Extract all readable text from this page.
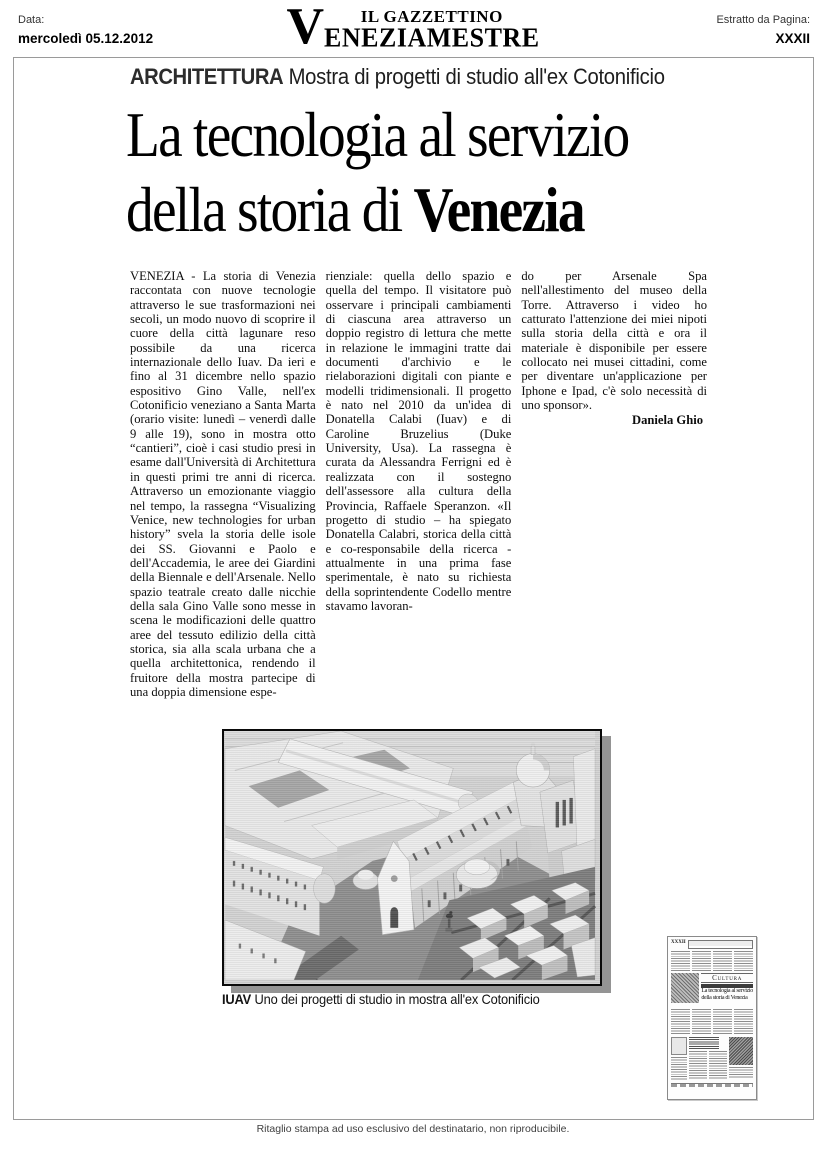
Data:
mercoledì 05.12.2012	V IL GAZZETTINO
ENEZIAMESTRE
Estratto da Pagina:
XXXII
ARCHITETTURA Mostra di progetti di studio all'ex Cotonificio
La tecnologia al servizio
della storia di Venezia
VENEZIA - La storia di Venezia raccontata con nuove tecnologie attraverso le sue trasformazioni nei secoli, un modo nuovo di scoprire il cuore della città lagunare reso possibile da una ricerca internazionale dello Iuav. Da ieri e fino al 31 dicembre nello spazio espositivo Gino Valle, nell'ex Cotonificio veneziano a Santa Marta (orario visite: lunedì – venerdì dalle 9 alle 19), sono in mostra otto “cantieri”, cioè i casi studio presi in esame dall'Università di Architettura in questi primi tre anni di ricerca. Attraverso un emozionante viaggio nel tempo, la rassegna “Visualizing Venice, new technologies for urban history” svela la storia delle isole dei SS. Giovanni e Paolo e dell'Accademia, le aree dei Giardini della Biennale e dell'Arsenale. Nello spazio teatrale creato dalle nicchie della sala Gino Valle sono messe in scena le modificazioni delle quattro aree del tessuto edilizio della città storica, sia alla scala urbana che a quella architettonica, rendendo il fruitore della mostra partecipe di una doppia dimensione espe-
rienziale: quella dello spazio e quella del tempo. Il visitatore può osservare i principali cambiamenti di ciascuna area attraverso un doppio registro di lettura che mette in relazione le immagini tratte dai documenti d'archivio e le rielaborazioni digitali con piante e modelli tridimensionali. Il progetto è nato nel 2010 da un'idea di Donatella Calabi (Iuav) e di Caroline Bruzelius (Duke University, Usa). La rassegna è curata da Alessandra Ferrigni ed è realizzata con il sostegno dell'assessore alla cultura della Provincia, Raffaele Speranzon. «Il progetto di studio – ha spiegato Donatella Calabri, storica della città e co-responsabile della ricerca - attualmente in una prima fase sperimentale, è nato su richiesta della soprintendente Codello mentre stavamo lavoran-
do per Arsenale Spa nell'allestimento del museo della Torre. Attraverso i video ho catturato l'attenzione dei miei nipoti sulla storia della città e ora il materiale è disponibile per essere collocato nei musei cittadini, come per diventare un'applicazione per Iphone e Ipad, c'è solo necessità di uno sponsor».
Daniela Ghio
IUAV Uno dei progetti di studio in mostra all'ex Cotonificio
XXXII
Cultura
La tecnologia al servizio
della storia di Venezia
Ritaglio stampa ad uso esclusivo del destinatario, non riproducibile.
